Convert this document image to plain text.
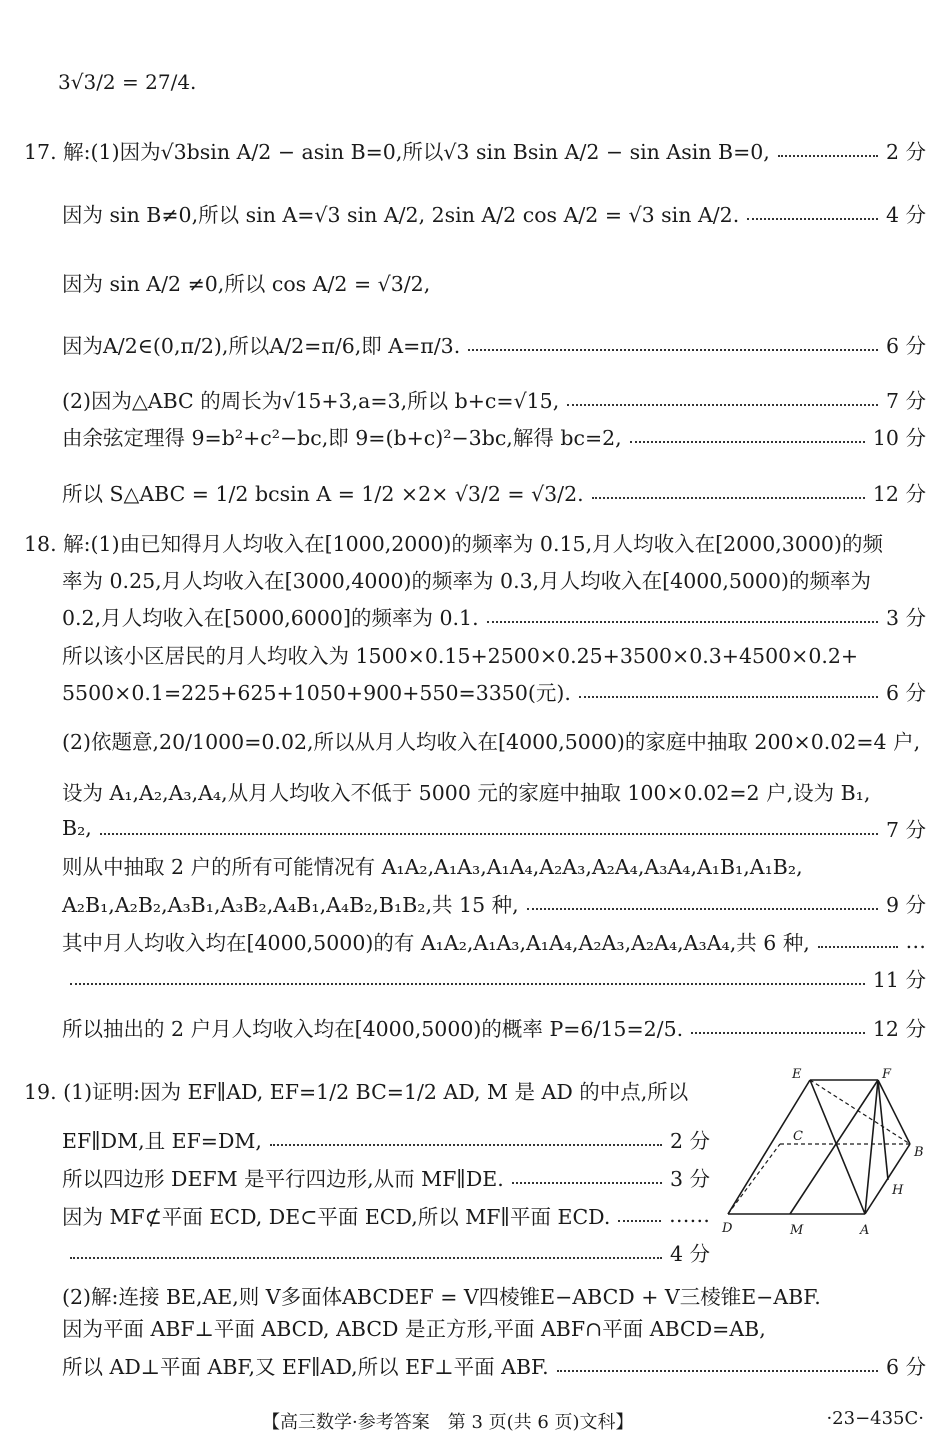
3√3/2 = 27/4.
17. 解:(1)因为√3bsin A/2 − asin B=0,所以√3 sin Bsin A/2 − sin Asin B=0,	2 分
因为 sin B≠0,所以 sin A=√3 sin A/2, 2sin A/2 cos A/2 = √3 sin A/2.	4 分
因为 sin A/2 ≠0,所以 cos A/2 = √3/2,
因为A/2∈(0,π/2),所以A/2=π/6,即 A=π/3.	6 分
(2)因为△ABC 的周长为√15+3,a=3,所以 b+c=√15,	7 分
由余弦定理得 9=b²+c²−bc,即 9=(b+c)²−3bc,解得 bc=2,	10 分
所以 S△ABC = 1/2 bcsin A = 1/2 ×2× √3/2 = √3/2.	12 分
18. 解:(1)由已知得月人均收入在[1000,2000)的频率为 0.15,月人均收入在[2000,3000)的频
率为 0.25,月人均收入在[3000,4000)的频率为 0.3,月人均收入在[4000,5000)的频率为
0.2,月人均收入在[5000,6000]的频率为 0.1.	3 分
所以该小区居民的月人均收入为 1500×0.15+2500×0.25+3500×0.3+4500×0.2+
5500×0.1=225+625+1050+900+550=3350(元).	6 分
(2)依题意,20/1000=0.02,所以从月人均收入在[4000,5000)的家庭中抽取 200×0.02=4 户,
设为 A₁,A₂,A₃,A₄,从月人均收入不低于 5000 元的家庭中抽取 100×0.02=2 户,设为 B₁,
B₂,	7 分
则从中抽取 2 户的所有可能情况有 A₁A₂,A₁A₃,A₁A₄,A₂A₃,A₂A₄,A₃A₄,A₁B₁,A₁B₂,
A₂B₁,A₂B₂,A₃B₁,A₃B₂,A₄B₁,A₄B₂,B₁B₂,共 15 种,	9 分
其中月人均收入均在[4000,5000)的有 A₁A₂,A₁A₃,A₁A₄,A₂A₃,A₂A₄,A₃A₄,共 6 种,	…
11 分
所以抽出的 2 户月人均收入均在[4000,5000)的概率 P=6/15=2/5.	12 分
19. (1)证明:因为 EF∥AD, EF=1/2 BC=1/2 AD, M 是 AD 的中点,所以
EF∥DM,且 EF=DM,	2 分
所以四边形 DEFM 是平行四边形,从而 MF∥DE.	3 分
因为 MF⊄平面 ECD, DE⊂平面 ECD,所以 MF∥平面 ECD.	……
4 分
(2)解:连接 BE,AE,则 V多面体ABCDEF = V四棱锥E−ABCD + V三棱锥E−ABF.
因为平面 ABF⊥平面 ABCD, ABCD 是正方形,平面 ABF∩平面 ABCD=AB,
所以 AD⊥平面 ABF,又 EF∥AD,所以 EF⊥平面 ABF.	6 分
E	F
C
B
H
D	M	A
【高三数学·参考答案　第 3 页(共 6 页)文科】	·23−435C·
